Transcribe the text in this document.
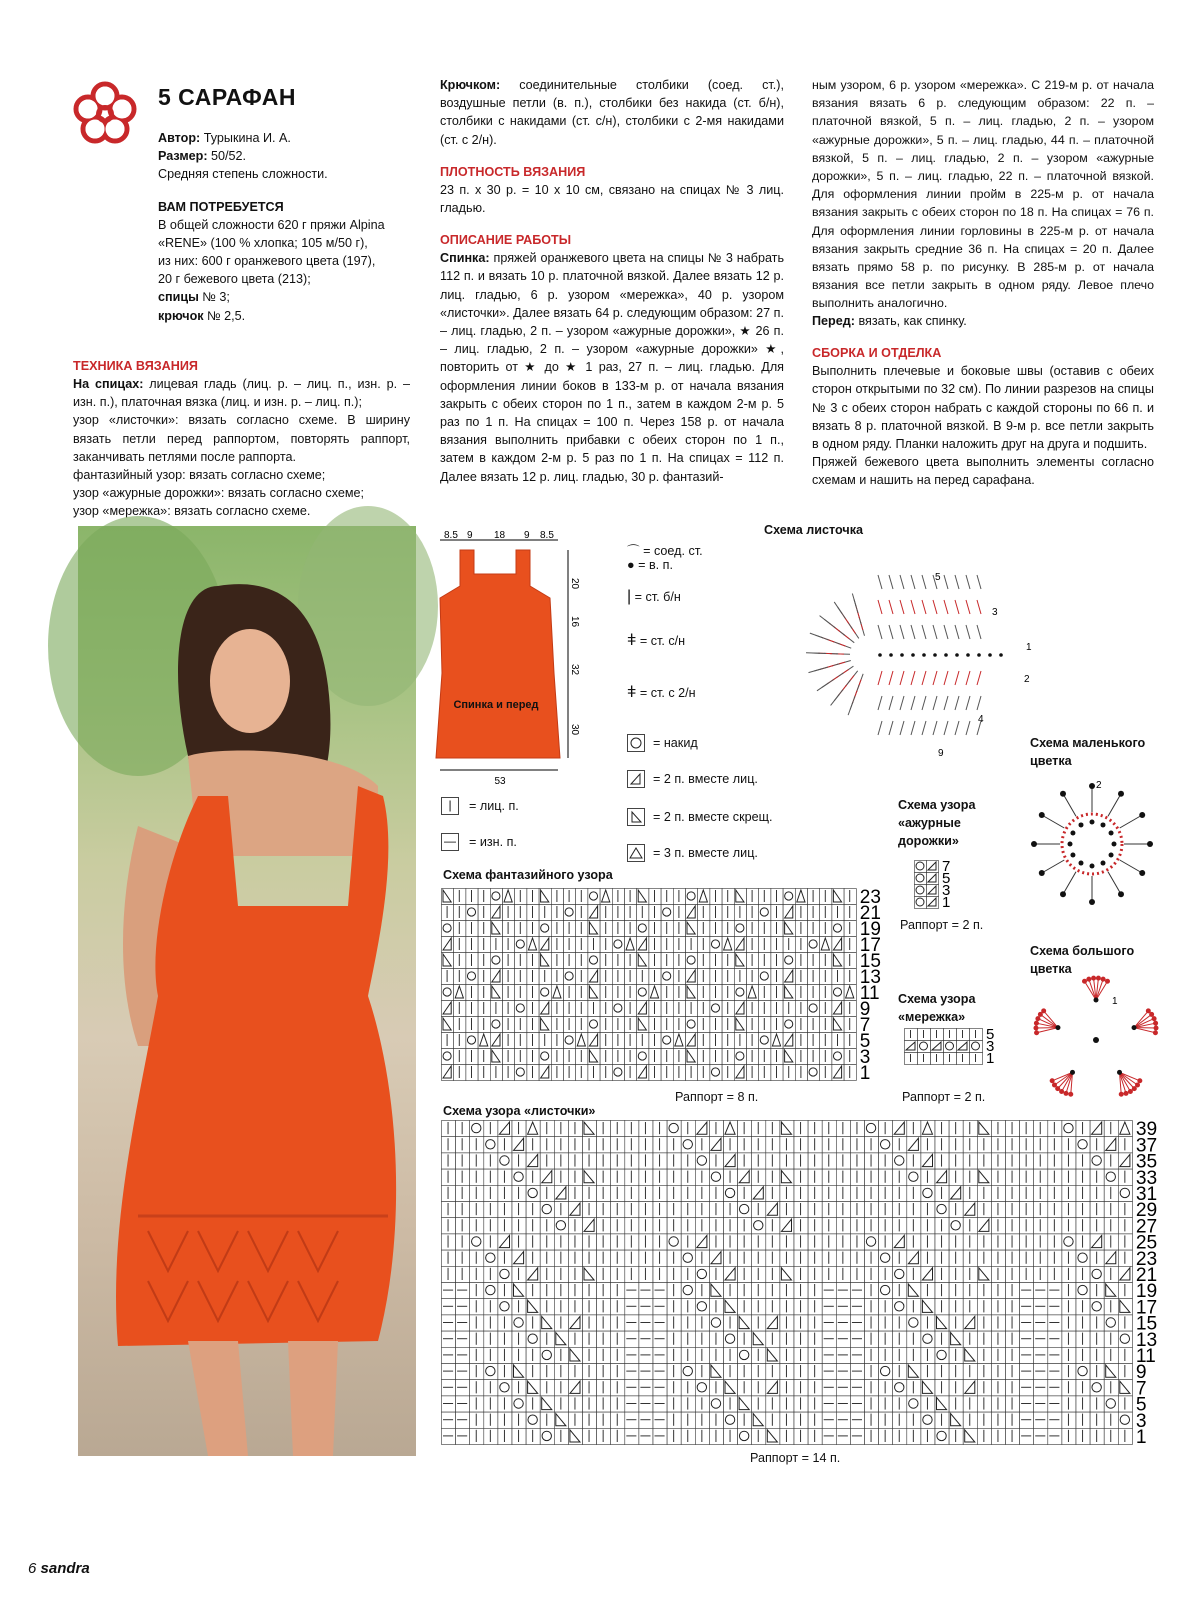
5 САРАФАН

Автор: Турыкина И. А.

Размер: 50/52.

Средняя степень сложности.

ВАМ ПОТРЕБУЕТСЯ

В общей сложности 620 г пряжи Alpina

«RENE» (100 % хлопка; 105 м/50 г),

из них: 600 г оранжевого цвета (197),

20 г бежевого цвета (213);

спицы № 3;

крючок № 2,5.

ТЕХНИКА ВЯЗАНИЯ

На спицах: лицевая гладь (лиц. р. – лиц. п., изн. р. – изн. п.), платочная вязка (лиц. и изн. р. – лиц. п.);

узор «листочки»: вязать согласно схеме. В ширину вязать петли перед раппортом, повторять раппорт, заканчивать петлями после раппорта.

фантазийный узор: вязать согласно схеме;

узор «ажурные дорожки»: вязать согласно схеме;

узор «мережка»: вязать согласно схеме.

Крючком: соединительные столбики (соед. ст.), воздушные петли (в. п.), столбики без накида (ст. б/н), столбики с накидами (ст. с/н), столбики с 2-мя накидами (ст. с 2/н).

ПЛОТНОСТЬ ВЯЗАНИЯ

23 п. х 30 р. = 10 х 10 см, связано на спицах № 3 лиц. гладью.

ОПИСАНИЕ РАБОТЫ

Спинка: пряжей оранжевого цвета на спицы № 3 набрать 112 п. и вязать 10 р. платочной вязкой. Далее вязать 12 р. лиц. гладью, 6 р. узором «мережка», 40 р. узором «листочки». Далее вязать 64 р. следующим образом: 27 п. – лиц. гладью, 2 п. – узором «ажурные дорожки», ★ 26 п. – лиц. гладью, 2 п. – узором «ажурные дорожки» ★, повторить от ★ до ★ 1 раз, 27 п. – лиц. гладью. Для оформления линии боков в 133-м р. от начала вязания закрыть с обеих сторон по 1 п., затем в каждом 2-м р. 5 раз по 1 п. На спицах = 100 п. Через 158 р. от начала вязания выполнить прибавки с обеих сторон по 1 п., затем в каждом 2-м р. 5 раз по 1 п. На спицах = 112 п. Далее вязать 12 р. лиц. гладью, 30 р. фантазий-

ным узором, 6 р. узором «мережка». С 219-м р. от начала вязания вязать 6 р. следующим образом: 22 п. – платочной вязкой, 5 п. – лиц. гладью, 2 п. – узором «ажурные дорожки», 5 п. – лиц. гладью, 44 п. – платочной вязкой, 5 п. – лиц. гладью, 2 п. – узором «ажурные дорожки», 5 п. – лиц. гладью, 22 п. – платочной вязкой. Для оформления линии пройм в 225-м р. от начала вязания закрыть с обеих сторон по 18 п. На спицах = 76 п. Для оформления линии горловины в 225-м р. от начала вязания закрыть средние 36 п. На спицах = 20 п. Далее вязать прямо 58 р. по рисунку. В 285-м р. от начала вязания все петли закрыть в одном ряду. Левое плечо выполнить аналогично.

Перед: вязать, как спинку.

СБОРКА И ОТДЕЛКА

Выполнить плечевые и боковые швы (оставив с обеих сторон открытыми по 32 см). По линии разрезов на спицы № 3 с обеих сторон набрать с каждой стороны по 66 п. и вязать 8 р. платочной вязкой. В 9-м р. все петли закрыть в одном ряду. Планки наложить друг на друга и подшить.

Пряжей бежевого цвета выполнить элементы согласно схемам и нашить на перед сарафана.

8.5 9 18 9 8.5
Спинка и перед
20
16
32
30
53
|	= лиц. п.
— = изн. п.
⌒ = соед. ст.
● = в. п.
| = ст. б/н
ǂ = ст. с/н
ǂ = ст. с 2/н
= накид
= 2 п. вместе лиц.
= 2 п. вместе скрещ.
= 3 п. вместе лиц.
Схема листочка
5
3
1
2
4
9
Схема маленького цветка
2
Схема большого цветка
1
Схема узора «ажурные дорожки»
7
5
3
1
Раппорт = 2 п.
Схема узора «мережка»
5
3
1
Раппорт = 2 п.
Схема фантазийного узора
23
21
19
17
15
13
11
9
7
5
3
1
Раппорт = 8 п.
Схема узора «листочки»
39
37
35
33
31
29
27
25
23
21
19
17
15
13
11
9
7
5
3
1
Раппорт = 14 п.
6 sandra
